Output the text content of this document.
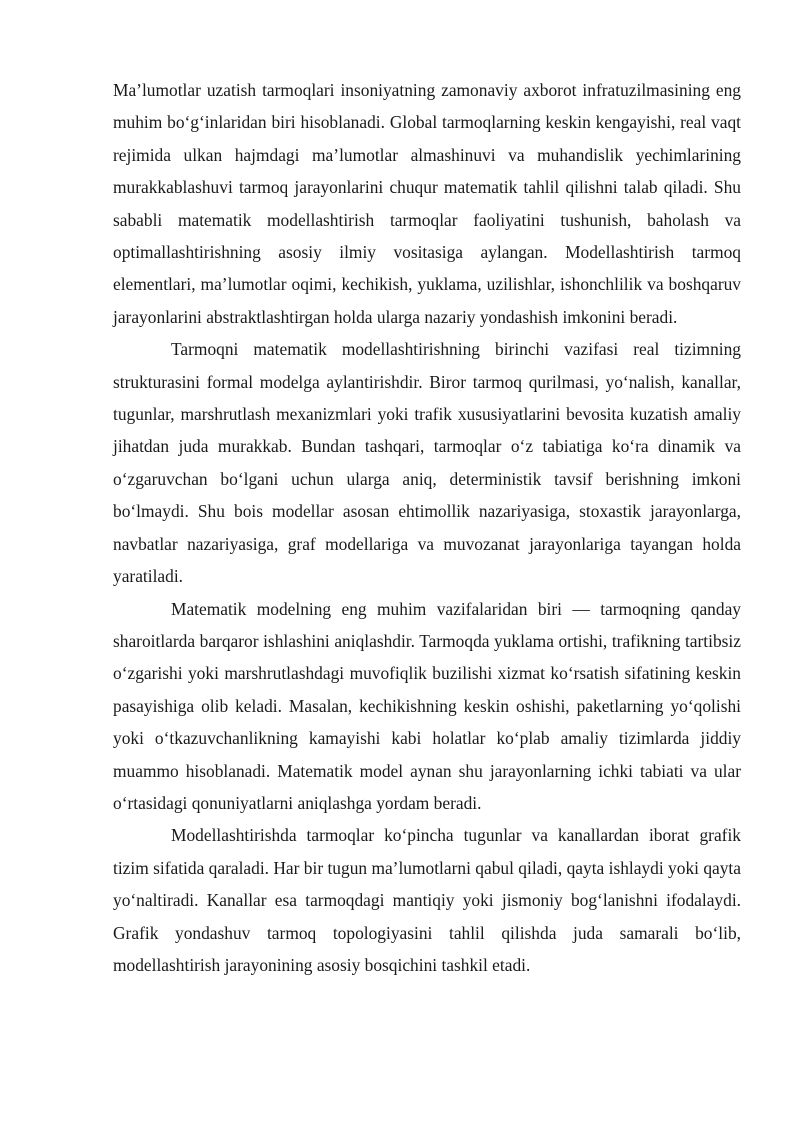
Ma’lumotlar uzatish tarmoqlari insoniyatning zamonaviy axborot infratuzilmasining eng muhim bo‘g‘inlaridan biri hisoblanadi. Global tarmoqlarning keskin kengayishi, real vaqt rejimida ulkan hajmdagi ma’lumotlar almashinuvi va muhandislik yechimlarining murakkablashuvi tarmoq jarayonlarini chuqur matematik tahlil qilishni talab qiladi. Shu sababli matematik modellashtirish tarmoqlar faoliyatini tushunish, baholash va optimallashtirishning asosiy ilmiy vositasiga aylangan. Modellashtirish tarmoq elementlari, ma’lumotlar oqimi, kechikish, yuklama, uzilishlar, ishonchlilik va boshqaruv jarayonlarini abstraktlashtirgan holda ularga nazariy yondashish imkonini beradi.

Tarmoqni matematik modellashtirishning birinchi vazifasi real tizimning strukturasini formal modelga aylantirishdir. Biror tarmoq qurilmasi, yo‘nalish, kanallar, tugunlar, marshrutlash mexanizmlari yoki trafik xususiyatlarini bevosita kuzatish amaliy jihatdan juda murakkab. Bundan tashqari, tarmoqlar o‘z tabiatiga ko‘ra dinamik va o‘zgaruvchan bo‘lgani uchun ularga aniq, deterministik tavsif berishning imkoni bo‘lmaydi. Shu bois modellar asosan ehtimollik nazariyasiga, stoxastik jarayonlarga, navbatlar nazariyasiga, graf modellariga va muvozanat jarayonlariga tayangan holda yaratiladi.

Matematik modelning eng muhim vazifalaridan biri — tarmoqning qanday sharoitlarda barqaror ishlashini aniqlashdir. Tarmoqda yuklama ortishi, trafikning tartibsiz o‘zgarishi yoki marshrutlashdagi muvofiqlik buzilishi xizmat ko‘rsatish sifatining keskin pasayishiga olib keladi. Masalan, kechikishning keskin oshishi, paketlarning yo‘qolishi yoki o‘tkazuvchanlikning kamayishi kabi holatlar ko‘plab amaliy tizimlarda jiddiy muammo hisoblanadi. Matematik model aynan shu jarayonlarning ichki tabiati va ular o‘rtasidagi qonuniyatlarni aniqlashga yordam beradi.

Modellashtirishda tarmoqlar ko‘pincha tugunlar va kanallardan iborat grafik tizim sifatida qaraladi. Har bir tugun ma’lumotlarni qabul qiladi, qayta ishlaydi yoki qayta yo‘naltiradi. Kanallar esa tarmoqdagi mantiqiy yoki jismoniy bog‘lanishni ifodalaydi. Grafik yondashuv tarmoq topologiyasini tahlil qilishda juda samarali bo‘lib, modellashtirish jarayonining asosiy bosqichini tashkil etadi.
